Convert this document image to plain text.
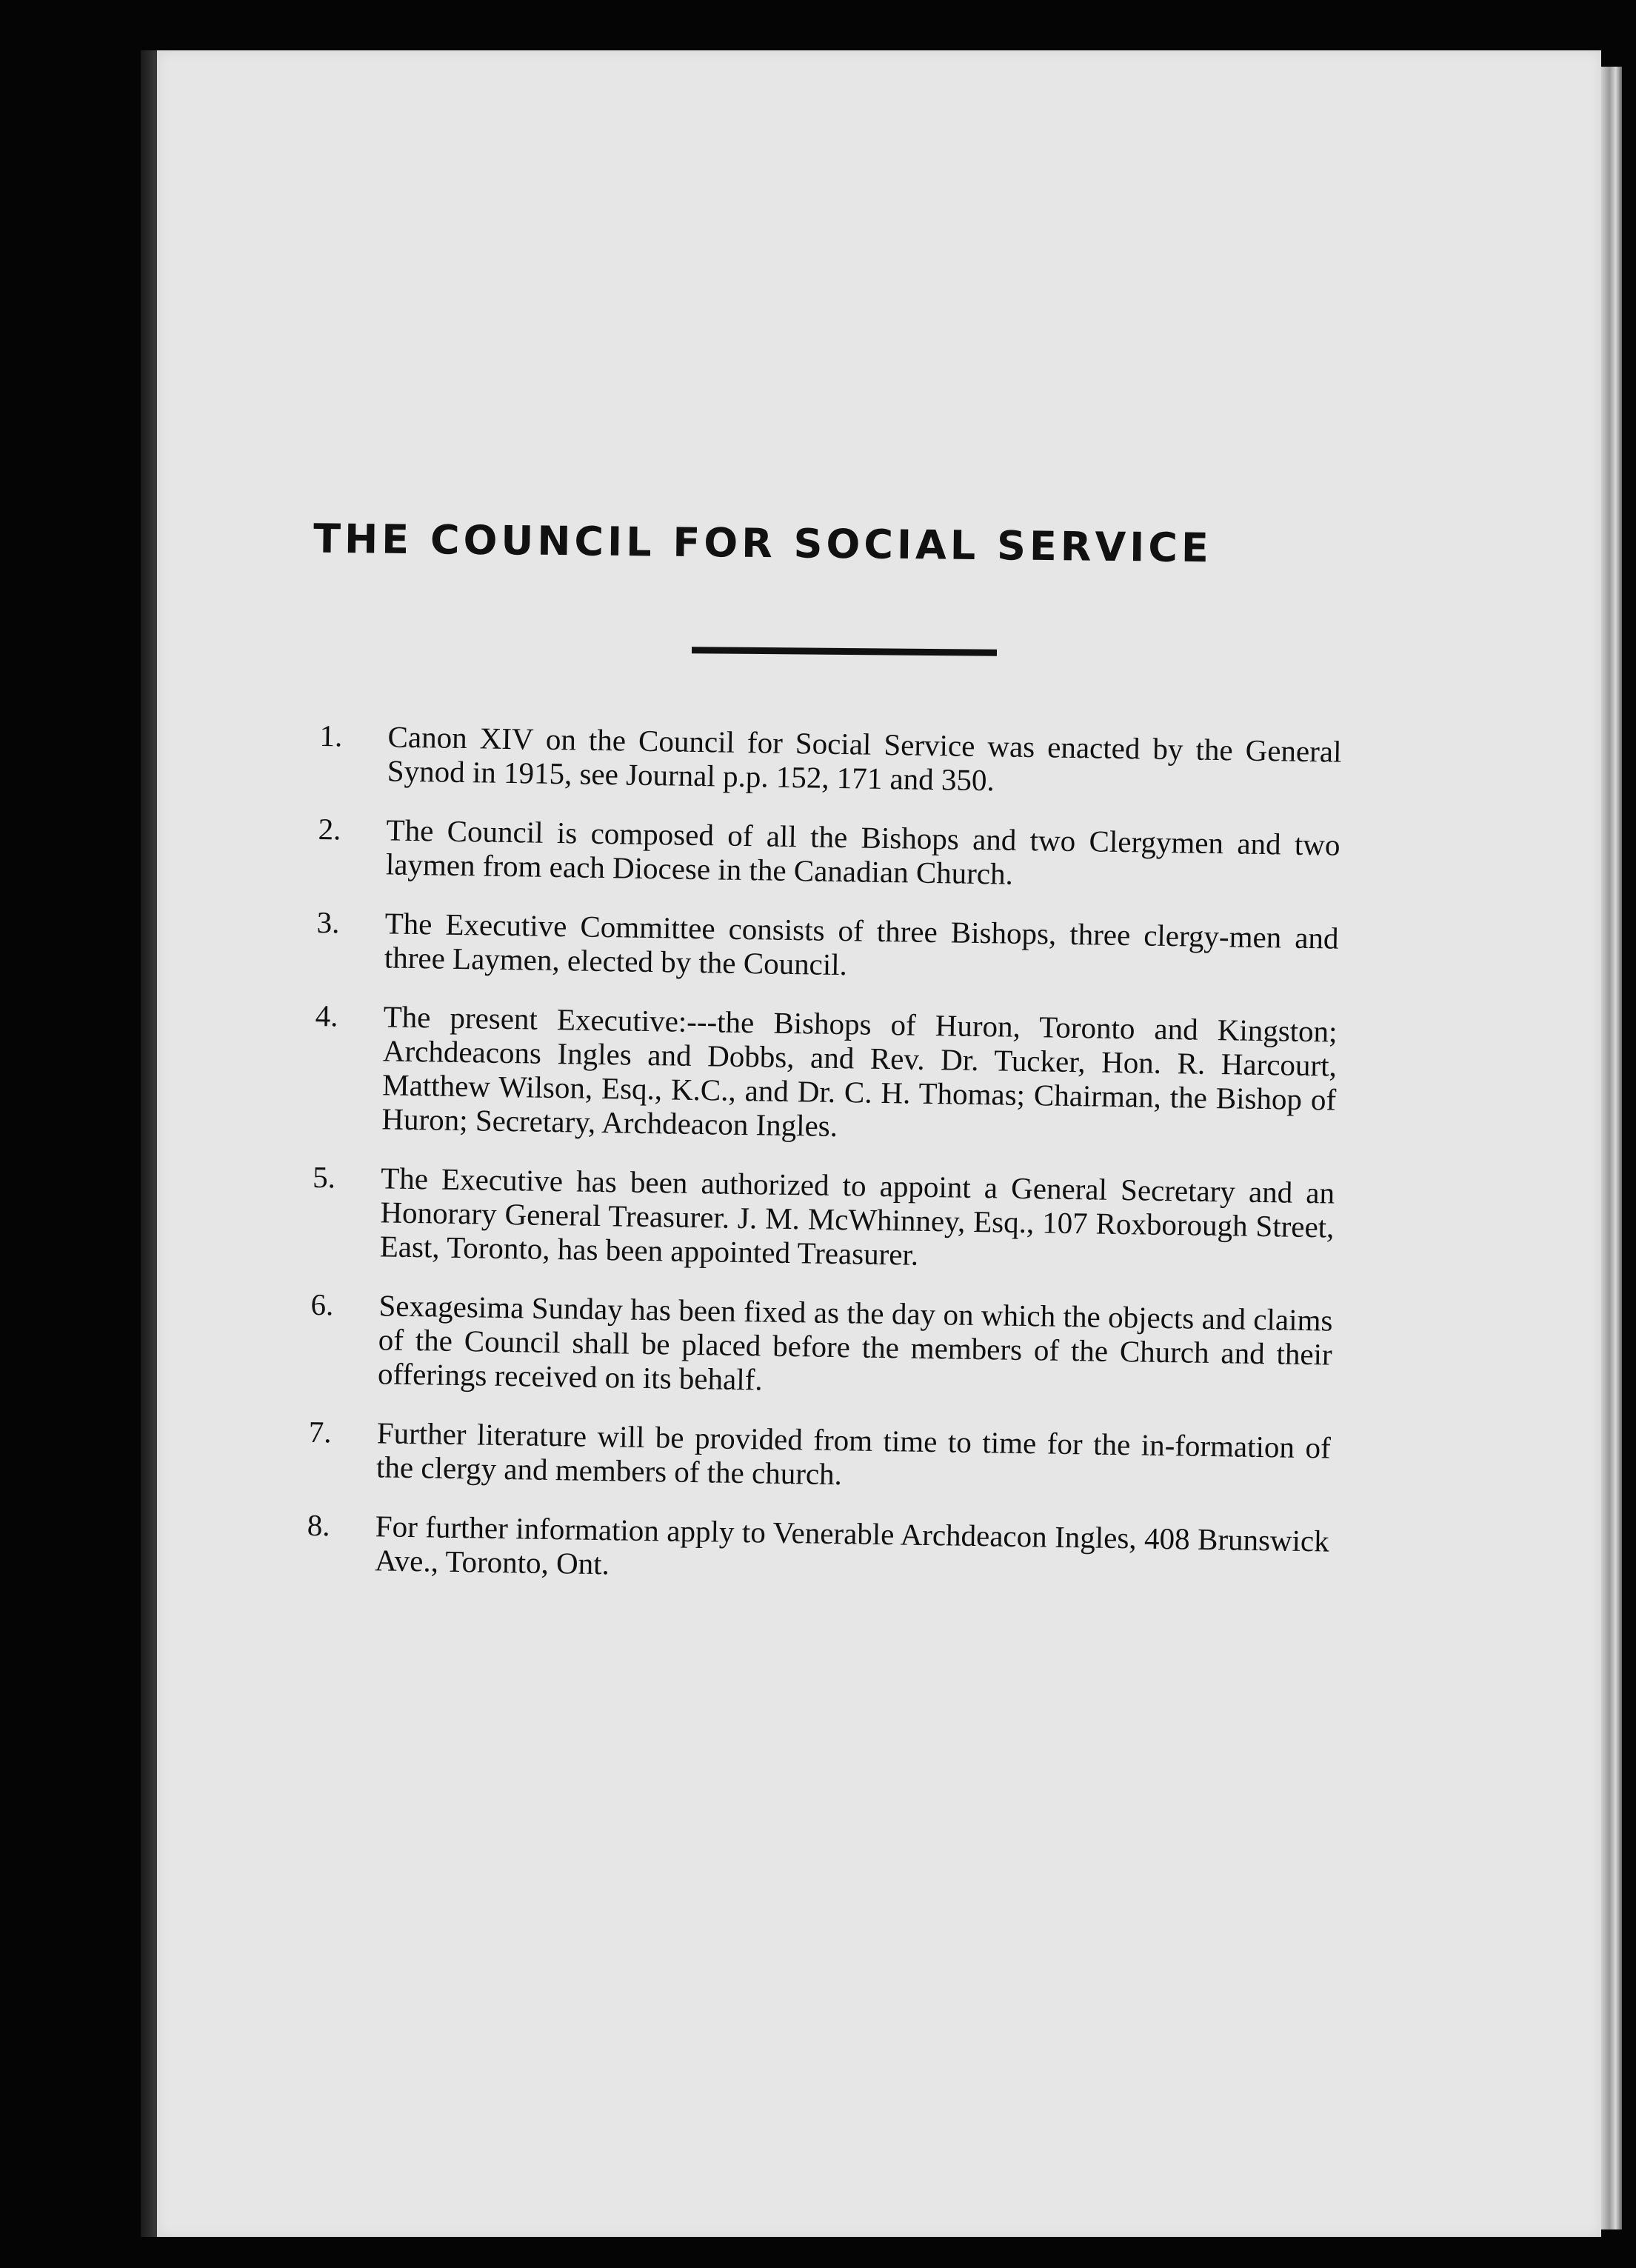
THE COUNCIL FOR SOCIAL SERVICE
1.	Canon XIV on the Council for Social Service was enacted by the General Synod in 1915, see Journal p.p. 152, 171 and 350.
2.	The Council is composed of all the Bishops and two Clergymen and two laymen from each Diocese in the Canadian Church.
3.	The Executive Committee consists of three Bishops, three clergy-men and three Laymen, elected by the Council.
4.	The present Executive:---the Bishops of Huron, Toronto and Kingston; Archdeacons Ingles and Dobbs, and Rev. Dr. Tucker, Hon. R. Harcourt, Matthew Wilson, Esq., K.C., and Dr. C. H. Thomas; Chairman, the Bishop of Huron; Secretary, Archdeacon Ingles.
5.	The Executive has been authorized to appoint a General Secretary and an Honorary General Treasurer. J. M. McWhinney, Esq., 107 Roxborough Street, East, Toronto, has been appointed Treasurer.
6.	Sexagesima Sunday has been fixed as the day on which the objects and claims of the Council shall be placed before the members of the Church and their offerings received on its behalf.
7.	Further literature will be provided from time to time for the in-formation of the clergy and members of the church.
8.	For further information apply to Venerable Archdeacon Ingles, 408 Brunswick Ave., Toronto, Ont.
